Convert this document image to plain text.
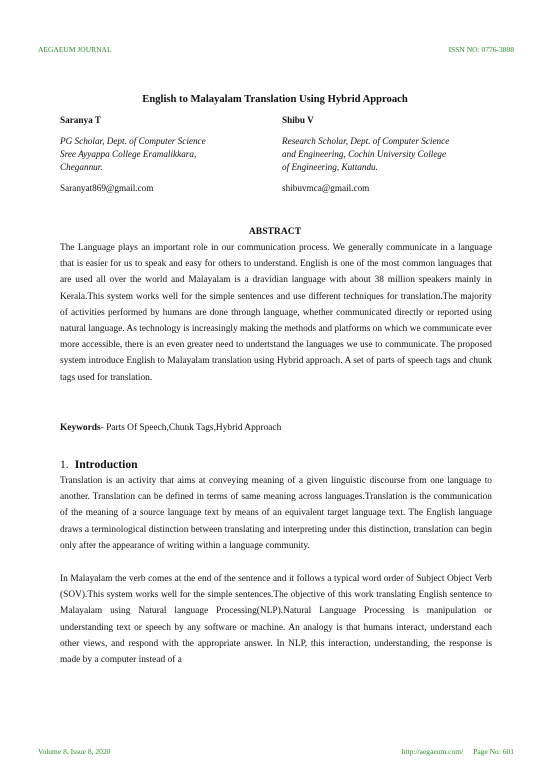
AEGAEUM JOURNAL	ISSN NO: 0776-3808
English to Malayalam Translation Using Hybrid Approach
Saranya T
PG Scholar, Dept. of Computer Science
Sree Ayyappa College Eramalikkara,
Chegannur.
Saranyat869@gmail.com
Shibu V
Research Scholar, Dept. of Computer Science
and Engineering, Cochin University College
of Engineering, Kuttandu.
shibuvmca@gmail.com
ABSTRACT

The Language plays an important role in our communication process. We generally communicate in a language that is easier for us to speak and easy for others to understand. English is one of the most common languages that are used all over the world and Malayalam is a dravidian language with about 38 million speakers mainly in Kerala.This system works well for the simple sentences and use different techniques for translation.The majority of activities performed by humans are done through language, whether communicated directly or reported using natural language. As technology is increasingly making the methods and platforms on which we communicate ever more accessible, there is an even greater need to undertstand the languages we use to communicate. The proposed system introduce English to Malayalam translation using Hybrid approach. A set of parts of speech tags and chunk tags used for translation.

Keywords- Parts Of Speech,Chunk Tags,Hybrid Approach
1. Introduction

Translation is an activity that aims at conveying meaning of a given linguistic discourse from one language to another. Translation can be defined in terms of same meaning across languages.Translation is the communication of the meaning of a source language text by means of an equivalent target language text. The English language draws a terminological distinction between translating and interpreting under this distinction, translation can begin only after the appearance of writing within a language community.

In Malayalam the verb comes at the end of the sentence and it follows a typical word order of Subject Object Verb (SOV).This system works well for the simple sentences.The objective of this work translating English sentence to Malayalam using Natural language Processing(NLP).Natural Language Processing is manipulation or understanding text or speech by any software or machine. An analogy is that humans interact, understand each other views, and respond with the appropriate answer. In NLP, this interaction, understanding, the response is made by a computer instead of a

Volume 8, Issue 8, 2020	http://aegaeum.com/ Page No: 601
